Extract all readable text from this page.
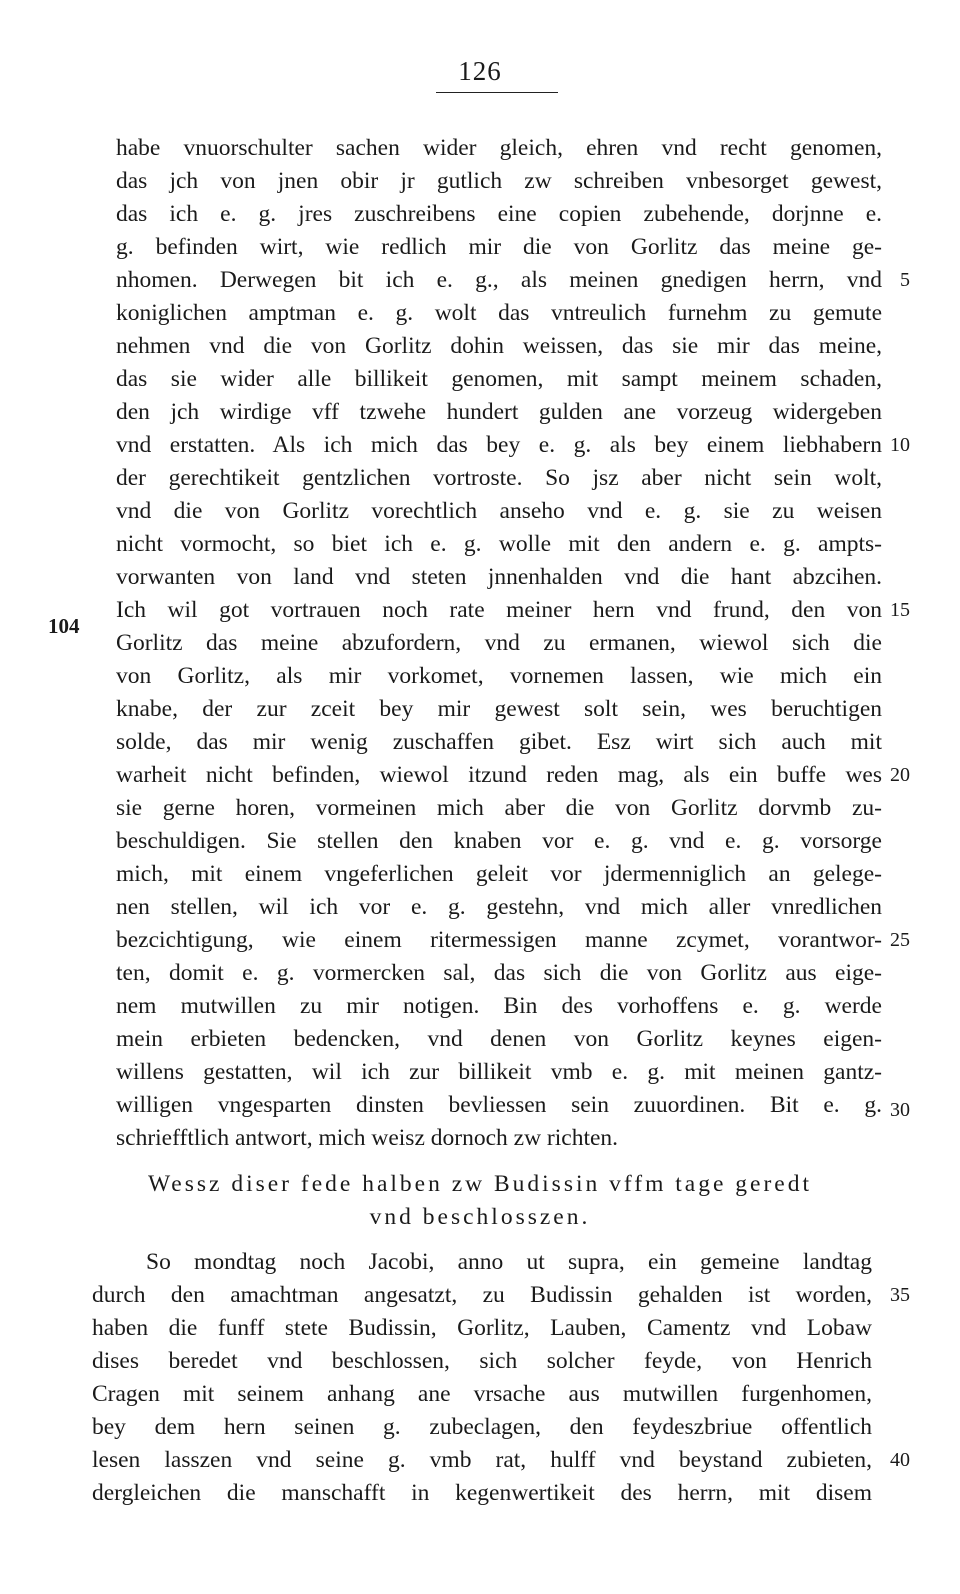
126
habe vnuorschulter sachen wider gleich, ehren vnd recht genomen,
das jch von jnen obir jr gutlich zw schreiben vnbesorget gewest,
das ich e. g. jres zuschreibens eine copien zubehende, dorjnne e.
g. befinden wirt, wie redlich mir die von Gorlitz das meine ge-
nhomen. Derwegen bit ich e. g., als meinen gnedigen herrn, vnd
koniglichen amptman e. g. wolt das vntreulich furnehm zu gemute
nehmen vnd die von Gorlitz dohin weissen, das sie mir das meine,
das sie wider alle billikeit genomen, mit sampt meinem schaden,
den jch wirdige vff tzwehe hundert gulden ane vorzeug widergeben
vnd erstatten. Als ich mich das bey e. g. als bey einem liebhabern
der gerechtikeit gentzlichen vortroste. So jsz aber nicht sein wolt,
vnd die von Gorlitz vorechtlich anseho vnd e. g. sie zu weisen
nicht vormocht, so biet ich e. g. wolle mit den andern e. g. ampts-
vorwanten von land vnd steten jnnenhalden vnd die hant abzcihen.
Ich wil got vortrauen noch rate meiner hern vnd frund, den von
Gorlitz das meine abzufordern, vnd zu ermanen, wiewol sich die
von Gorlitz, als mir vorkomet, vornemen lassen, wie mich ein
knabe, der zur zceit bey mir gewest solt sein, wes beruchtigen
solde, das mir wenig zuschaffen gibet. Esz wirt sich auch mit
warheit nicht befinden, wiewol itzund reden mag, als ein buffe wes
sie gerne horen, vormeinen mich aber die von Gorlitz dorvmb zu-
beschuldigen. Sie stellen den knaben vor e. g. vnd e. g. vorsorge
mich, mit einem vngeferlichen geleit vor jdermenniglich an gelege-
nen stellen, wil ich vor e. g. gestehn, vnd mich aller vnredlichen
bezcichtigung, wie einem ritermessigen manne zcymet, vorantwor-
ten, domit e. g. vormercken sal, das sich die von Gorlitz aus eige-
nem mutwillen zu mir notigen. Bin des vorhoffens e. g. werde
mein erbieten bedencken, vnd denen von Gorlitz keynes eigen-
willens gestatten, wil ich zur billikeit vmb e. g. mit meinen gantz-
willigen vngesparten dinsten bevliessen sein zuuordinen. Bit e. g.
schriefftlich antwort, mich weisz dornoch zw richten.
104
5
10
15
20
25
30
Wessz diser fede halben zw Budissin vffm tage geredt
vnd beschlosszen.
So mondtag noch Jacobi, anno ut supra, ein gemeine landtag
durch den amachtman angesatzt, zu Budissin gehalden ist worden,
haben die funff stete Budissin, Gorlitz, Lauben, Camentz vnd Lobaw
dises beredet vnd beschlossen, sich solcher feyde, von Henrich
Cragen mit seinem anhang ane vrsache aus mutwillen furgenhomen,
bey dem hern seinen g. zubeclagen, den feydeszbriue offentlich
lesen lasszen vnd seine g. vmb rat, hulff vnd beystand zubieten,
dergleichen die manschafft in kegenwertikeit des herrn, mit disem
35
40
